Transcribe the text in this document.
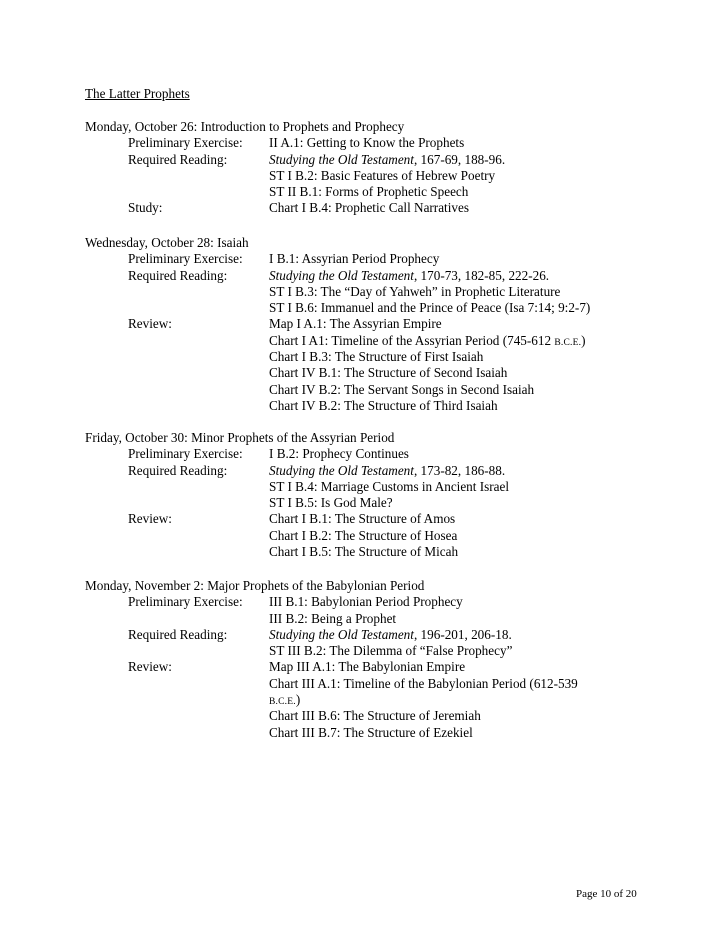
The Latter Prophets
Monday, October 26: Introduction to Prophets and Prophecy
Preliminary Exercise: II A.1: Getting to Know the Prophets
Required Reading:	Studying the Old Testament, 167-69, 188-96.
ST I B.2: Basic Features of Hebrew Poetry
ST II B.1: Forms of Prophetic Speech
Study:	Chart I B.4: Prophetic Call Narratives
Wednesday, October 28: Isaiah
Preliminary Exercise: I B.1: Assyrian Period Prophecy
Required Reading:	Studying the Old Testament, 170-73, 182-85, 222-26.
ST I B.3: The “Day of Yahweh” in Prophetic Literature
ST I B.6: Immanuel and the Prince of Peace (Isa 7:14; 9:2-7)
Review:	Map I A.1: The Assyrian Empire
Chart I A1: Timeline of the Assyrian Period (745-612 B.C.E.)
Chart I B.3: The Structure of First Isaiah
Chart IV B.1: The Structure of Second Isaiah
Chart IV B.2: The Servant Songs in Second Isaiah
Chart IV B.2: The Structure of Third Isaiah
Friday, October 30: Minor Prophets of the Assyrian Period
Preliminary Exercise: I B.2: Prophecy Continues
Required Reading:	Studying the Old Testament, 173-82, 186-88.
ST I B.4: Marriage Customs in Ancient Israel
ST I B.5: Is God Male?
Review:	Chart I B.1: The Structure of Amos
Chart I B.2: The Structure of Hosea
Chart I B.5: The Structure of Micah
Monday, November 2: Major Prophets of the Babylonian Period
Preliminary Exercise: III B.1: Babylonian Period Prophecy
III B.2: Being a Prophet
Required Reading:	Studying the Old Testament, 196-201, 206-18.
ST III B.2: The Dilemma of “False Prophecy”
Review:	Map III A.1: The Babylonian Empire
Chart III A.1: Timeline of the Babylonian Period (612-539
B.C.E.)
Chart III B.6: The Structure of Jeremiah
Chart III B.7: The Structure of Ezekiel
Page 10 of 20
